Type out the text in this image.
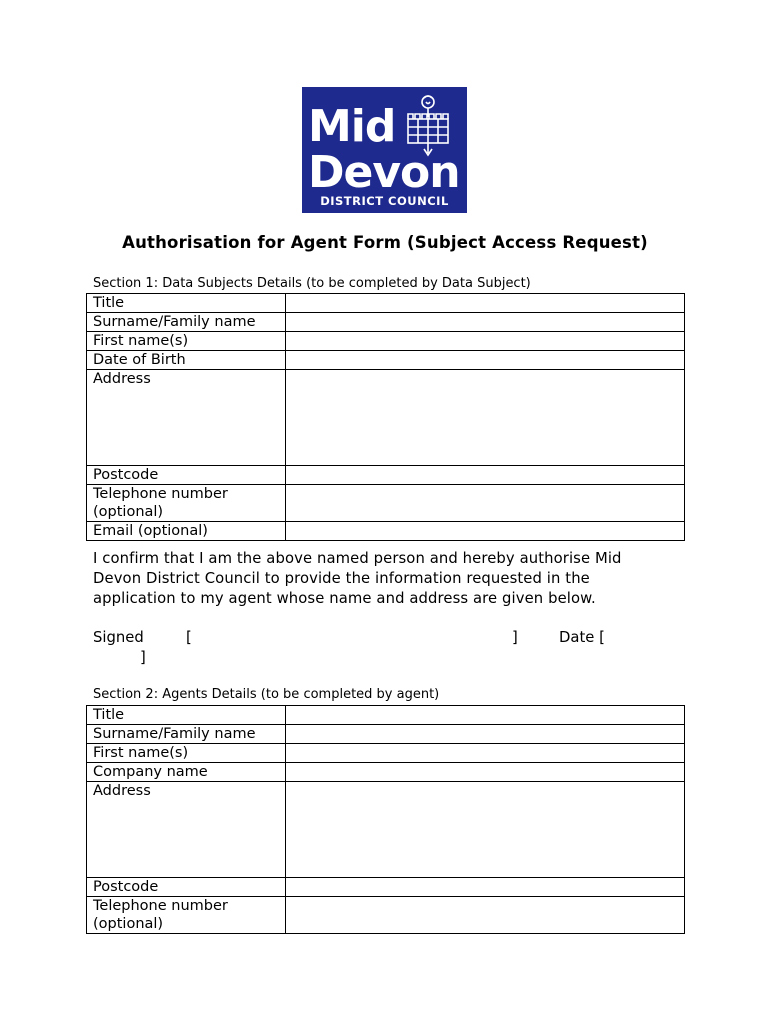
Mid
Devon
DISTRICT COUNCIL
Authorisation for Agent Form (Subject Access Request)
Section 1: Data Subjects Details (to be completed by Data Subject)
Title	
Surname/Family name	
First name(s)	
Date of Birth	
Address	
Postcode	
Telephone number (optional)	
Email (optional)	
I confirm that I am the above named person and hereby authorise Mid Devon District Council to provide the information requested in the application to my agent whose name and address are given below.
Signed	[	]	Date [
]
Section 2: Agents Details (to be completed by agent)
Title	
Surname/Family name	
First name(s)	
Company name	
Address	
Postcode	
Telephone number (optional)	
